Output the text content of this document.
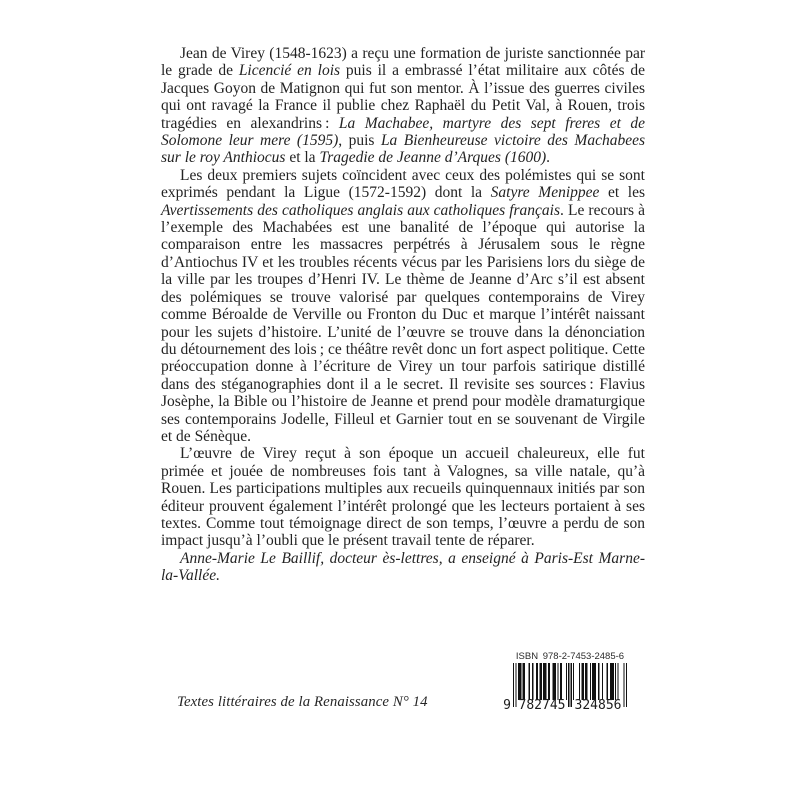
Jean de Virey (1548-1623) a reçu une formation de juriste sanctionnée par le grade de Licencié en lois puis il a embrassé l’état militaire aux côtés de Jacques Goyon de Matignon qui fut son mentor. À l’issue des guerres civiles qui ont ravagé la France il publie chez Raphaël du Petit Val, à Rouen, trois tragédies en alexandrins : La Machabee, martyre des sept freres et de Solomone leur mere (1595), puis La Bienheureuse victoire des Machabees sur le roy Anthiocus et la Tragedie de Jeanne d’Arques (1600).

Les deux premiers sujets coïncident avec ceux des polémistes qui se sont exprimés pendant la Ligue (1572-1592) dont la Satyre Menippee et les Avertissements des catholiques anglais aux catholiques français. Le recours à l’exemple des Machabées est une banalité de l’époque qui autorise la comparaison entre les massacres perpétrés à Jérusalem sous le règne d’Antiochus IV et les troubles récents vécus par les Parisiens lors du siège de la ville par les troupes d’Henri IV. Le thème de Jeanne d’Arc s’il est absent des polémiques se trouve valorisé par quelques contemporains de Virey comme Béroalde de Verville ou Fronton du Duc et marque l’intérêt naissant pour les sujets d’histoire. L’unité de l’œuvre se trouve dans la dénonciation du détournement des lois ; ce théâtre revêt donc un fort aspect politique. Cette préoccupation donne à l’écriture de Virey un tour parfois satirique distillé dans des stéganographies dont il a le secret. Il revisite ses sources : Flavius Josèphe, la Bible ou l’histoire de Jeanne et prend pour modèle dramaturgique ses contemporains Jodelle, Filleul et Garnier tout en se souvenant de Virgile et de Sénèque.

L’œuvre de Virey reçut à son époque un accueil chaleureux, elle fut primée et jouée de nombreuses fois tant à Valognes, sa ville natale, qu’à Rouen. Les participations multiples aux recueils quinquennaux initiés par son éditeur prouvent également l’intérêt prolongé que les lecteurs portaient à ses textes. Comme tout témoignage direct de son temps, l’œuvre a perdu de son impact jusqu’à l’oubli que le présent travail tente de réparer.

Anne-Marie Le Baillif, docteur ès-lettres, a enseigné à Paris-Est Marne-la-Vallée.

Textes littéraires de la Renaissance N° 14
ISBN 978-2-7453-2485-6
9 782745 324856
